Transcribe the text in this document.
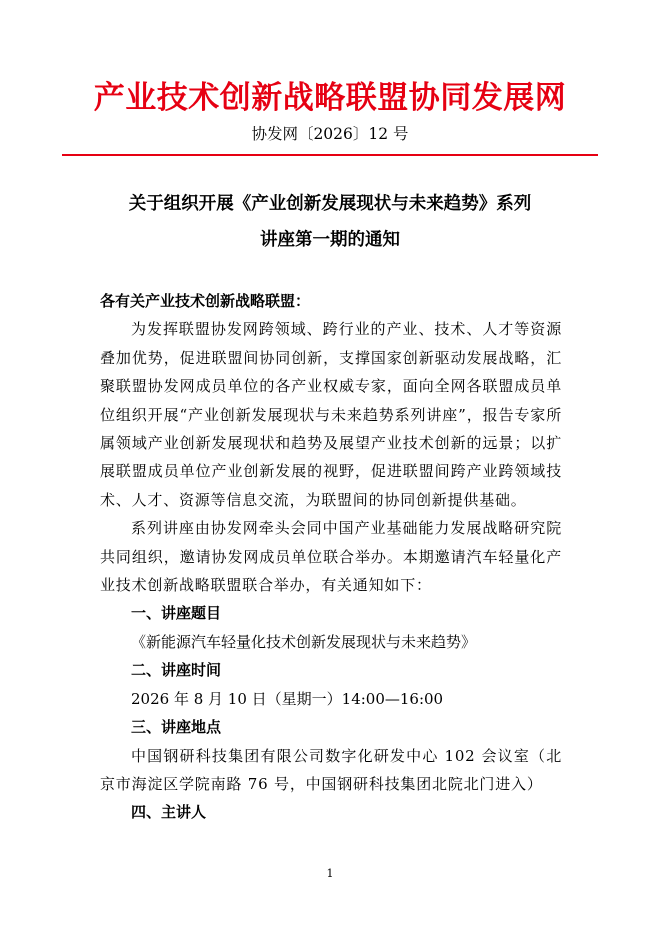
产业技术创新战略联盟协同发展网
协发网〔2026〕12 号
关于组织开展《产业创新发展现状与未来趋势》系列
讲座第一期的通知
各有关产业技术创新战略联盟：

为发挥联盟协发网跨领域、跨行业的产业、技术、人才等资源叠加优势，促进联盟间协同创新，支撑国家创新驱动发展战略，汇聚联盟协发网成员单位的各产业权威专家，面向全网各联盟成员单位组织开展“产业创新发展现状与未来趋势系列讲座”，报告专家所属领域产业创新发展现状和趋势及展望产业技术创新的远景；以扩展联盟成员单位产业创新发展的视野，促进联盟间跨产业跨领域技术、人才、资源等信息交流，为联盟间的协同创新提供基础。

系列讲座由协发网牵头会同中国产业基础能力发展战略研究院共同组织，邀请协发网成员单位联合举办。本期邀请汽车轻量化产业技术创新战略联盟联合举办，有关通知如下：

一、讲座题目
《新能源汽车轻量化技术创新发展现状与未来趋势》
二、讲座时间
2026 年 8 月 10 日（星期一）14:00—16:00
三、讲座地点

中国钢研科技集团有限公司数字化研发中心 102 会议室（北京市海淀区学院南路 76 号，中国钢研科技集团北院北门进入）

四、主讲人
1
